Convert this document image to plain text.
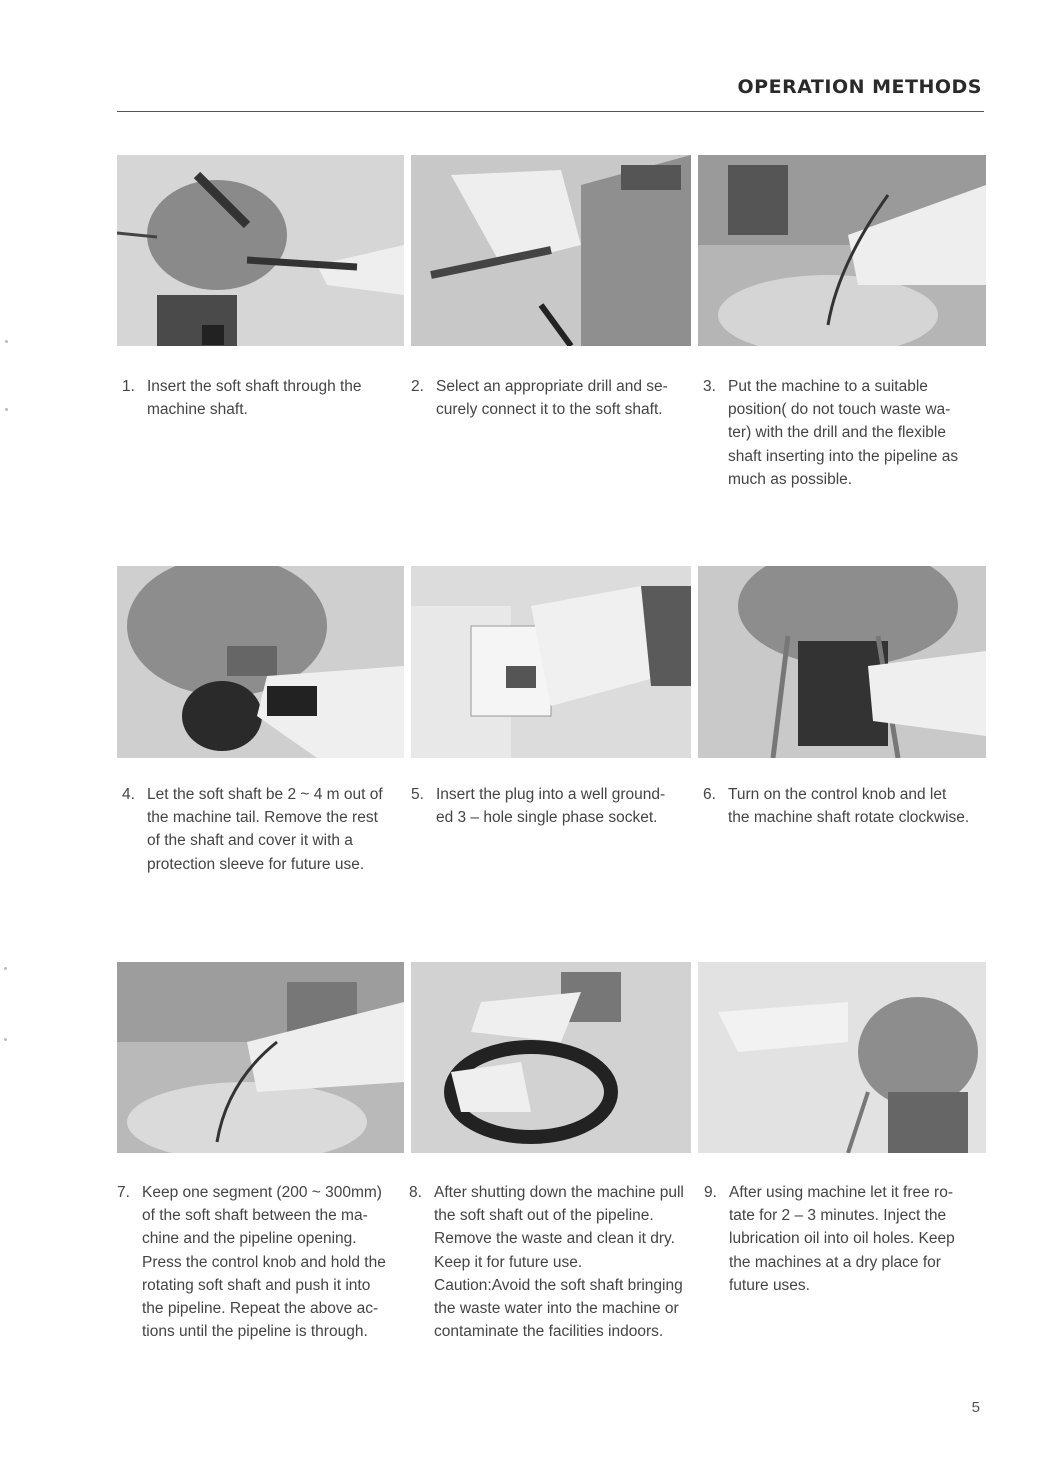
OPERATION METHODS
1. Insert the soft shaft through the
machine shaft.
2. Select an appropriate drill and se-
curely connect it to the soft shaft.
3. Put the machine to a suitable
position( do not touch waste wa-
ter) with the drill and the flexible
shaft inserting into the pipeline as
much as possible.
4. Let the soft shaft be 2 ~ 4 m out of
the machine tail. Remove the rest
of the shaft and cover it with a
protection sleeve for future use.
5. Insert the plug into a well ground-
ed 3 – hole single phase socket.
6. Turn on the control knob and let
the machine shaft rotate clockwise.
7. Keep one segment (200 ~ 300mm)
of the soft shaft between the ma-
chine and the pipeline opening.
Press the control knob and hold the
rotating soft shaft and push it into
the pipeline. Repeat the above ac-
tions until the pipeline is through.
8. After shutting down the machine pull
the soft shaft out of the pipeline.
Remove the waste and clean it dry.
Keep it for future use.
Caution:Avoid the soft shaft bringing
the waste water into the machine or
contaminate the facilities indoors.
9. After using machine let it free ro-
tate for 2 – 3 minutes. Inject the
lubrication oil into oil holes. Keep
the machines at a dry place for
future uses.
5
